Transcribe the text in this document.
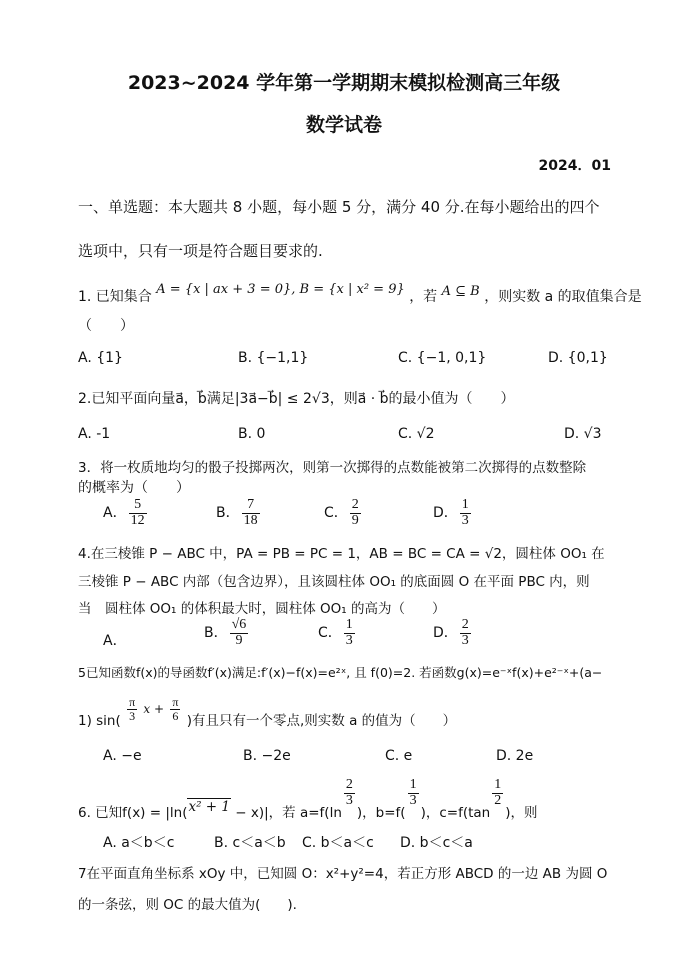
2023~2024 学年第一学期期末模拟检测高三年级
数学试卷
2024．01
一、单选题：本大题共 8 小题，每小题 5 分，满分 40 分.在每小题给出的四个
选项中，只有一项是符合题目要求的.
1. 已知集合 A = {x | ax + 3 = 0}, B = {x | x² = 9} ，若 A ⊆ B ，则实数 a 的取值集合是
（　　）
A. {1}	B. {−1,1}	C. {−1, 0,1}	D. {0,1}
2.已知平面向量a⃗，b⃗满足|3a⃗−b⃗| ≤ 2√3，则a⃗ · b⃗的最小值为（　　）
A. -1	B. 0	C. √2	D. √3
3．将一枚质地均匀的骰子投掷两次，则第一次掷得的点数能被第二次掷得的点数整除
的概率为（　　）
A． $\frac{5}{12}$	B． $\frac{7}{18}$	C． $\frac{2}{9}$	D． $\frac{1}{3}$
4.在三棱锥 P − ABC 中，PA = PB = PC = 1，AB = BC = CA = √2，圆柱体 OO₁ 在
三棱锥 P − ABC 内部（包含边界），且该圆柱体 OO₁ 的底面圆 O 在平面 PBC 内，则
当　圆柱体 OO₁ 的体积最大时，圆柱体 OO₁ 的高为（　　）
A．	B． $\frac{√6}{9}$	C． $\frac{1}{3}$	D． $\frac{2}{3}$
5已知函数f(x)的导函数f′(x)满足:f′(x)−f(x)=e²ˣ, 且 f(0)=2. 若函数g(x)=e⁻ˣf(x)+e²⁻ˣ+(a−
1) $\sin( \frac{\pi}{3}$ $x + \frac{\pi}{6}$ )有且只有一个零点,则实数 a 的值为（　　）
A. −e	B. −2e	C. e	D. 2e
6. 已知f(x) = |ln(x² + 1 − x)|，若 a=f(ln
$\frac{2}{3}$
)，b=f(
$\frac{1}{3}$
)，c=f(tan
$\frac{1}{2}$
)，则
A. a＜b＜c	B. c＜a＜b C. b＜a＜c D. b＜c＜a
7在平面直角坐标系 xOy 中，已知圆 O：x²+y²=4，若正方形 ABCD 的一边 AB 为圆 O
的一条弦，则 OC 的最大值为(　　).
